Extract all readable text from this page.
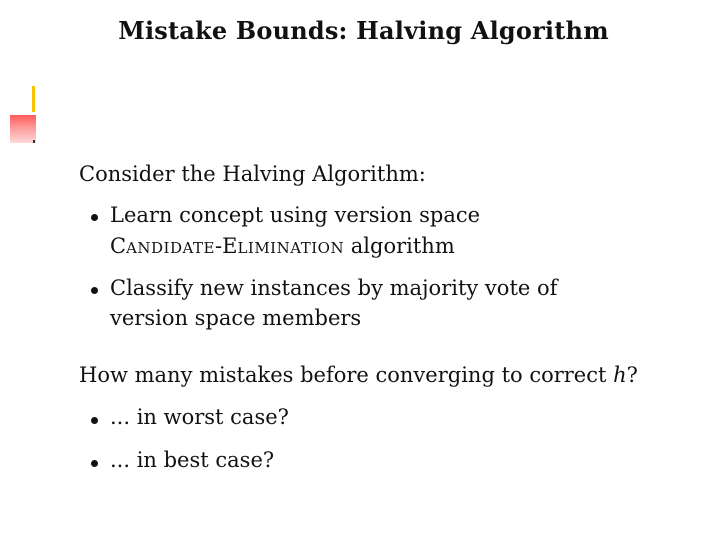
Mistake Bounds: Halving Algorithm
Consider the Halving Algorithm:
Learn concept using version space
CANDIDATE-ELIMINATION algorithm
Classify new instances by majority vote of
version space members
How many mistakes before converging to correct h?
... in worst case?
... in best case?
